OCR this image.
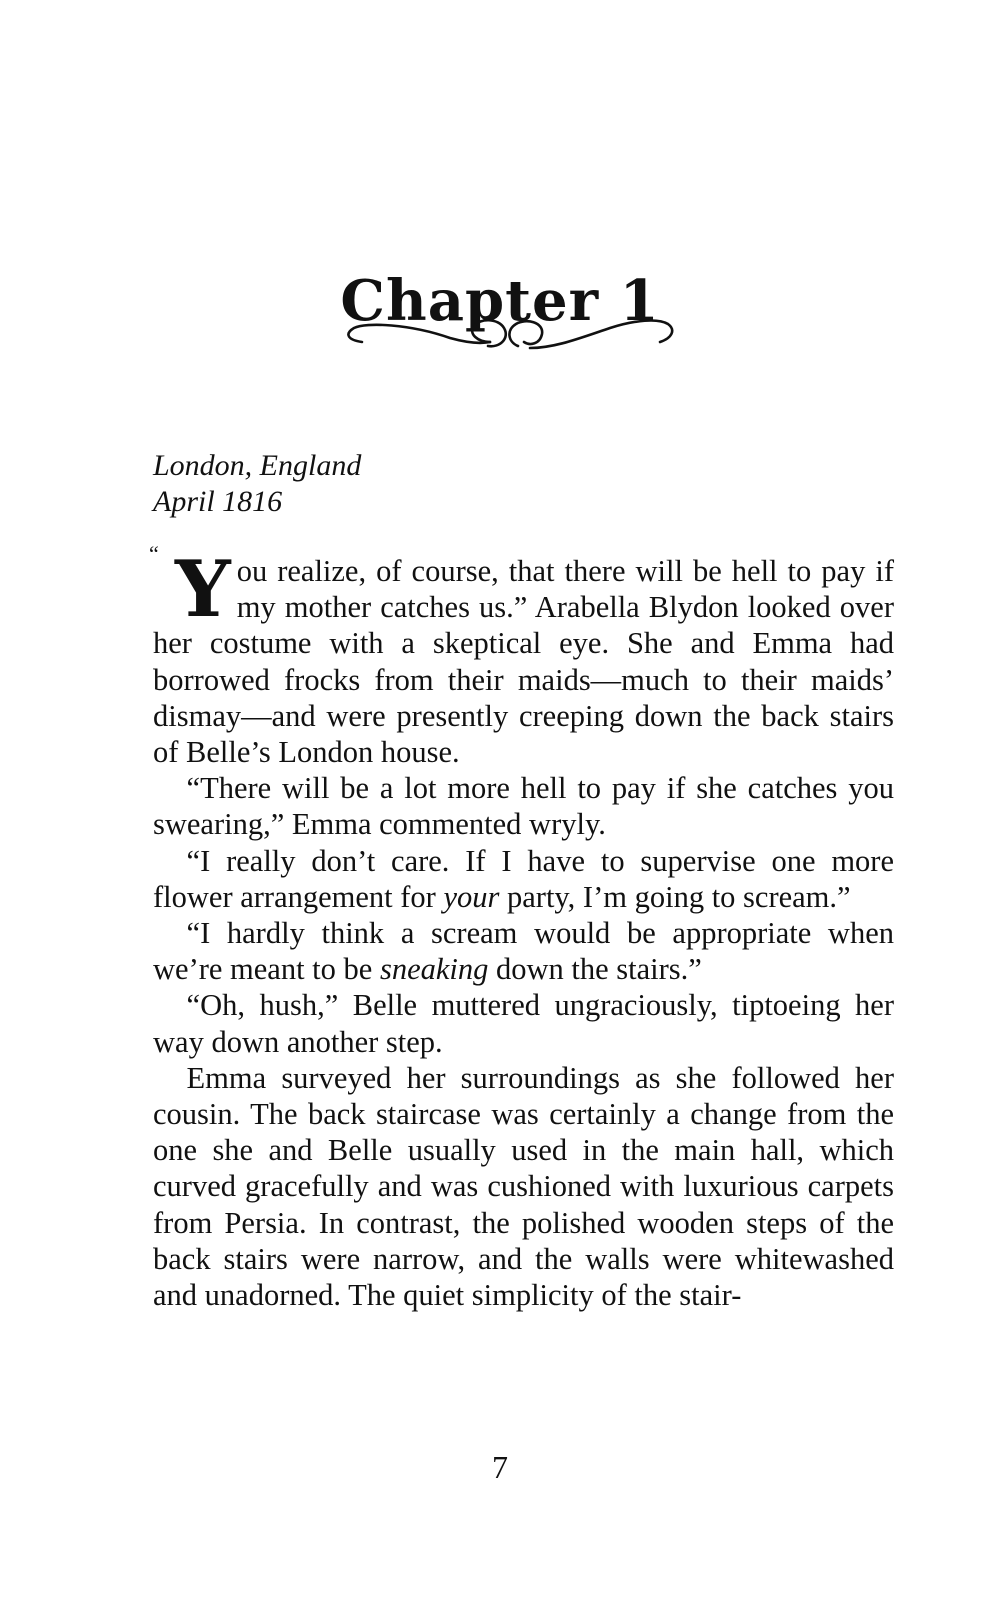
Chapter 1
London, England
April 1816

“ Y ou realize, of course, that there will be hell to pay if my mother catches us.” Arabella Blydon looked over her costume with a skeptical eye. She and Emma had borrowed frocks from their maids—much to their maids’ dismay—and were presently creeping down the back stairs of Belle’s London house.

“There will be a lot more hell to pay if she catches you swearing,” Emma commented wryly.

“I really don’t care. If I have to supervise one more flower arrangement for your party, I’m going to scream.”

“I hardly think a scream would be appropriate when we’re meant to be sneaking down the stairs.”

“Oh, hush,” Belle muttered ungraciously, tiptoeing her way down another step.

Emma surveyed her surroundings as she followed her cousin. The back staircase was certainly a change from the one she and Belle usually used in the main hall, which curved gracefully and was cushioned with luxurious carpets from Persia. In contrast, the polished wooden steps of the back stairs were narrow, and the walls were whitewashed and unadorned. The quiet simplicity of the stair-

7
